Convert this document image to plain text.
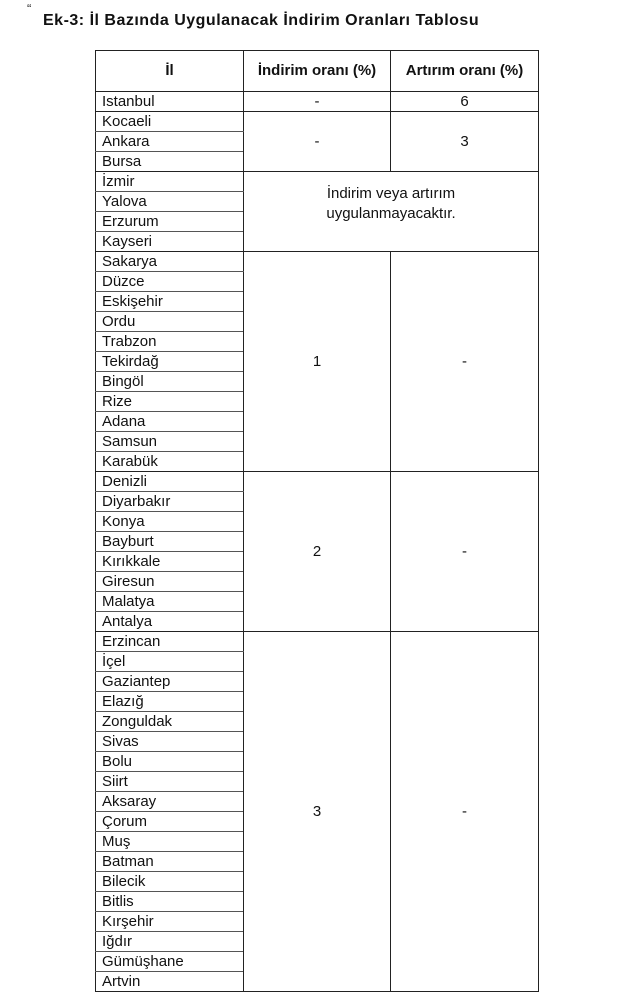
“
Ek-3: İl Bazında Uygulanacak İndirim Oranları Tablosu
İl	İndirim oranı (%)	Artırım oranı (%)
Istanbul	-	6
Kocaeli	-	3
Ankara		
Bursa		
İzmir	İndirim veya artırım uygulanmayacaktır.	
Yalova		
Erzurum		
Kayseri		
Sakarya	1	-
Düzce		
Eskişehir		
Ordu		
Trabzon		
Tekirdağ		
Bingöl		
Rize		
Adana		
Samsun		
Karabük		
Denizli	2	-
Diyarbakır		
Konya		
Bayburt		
Kırıkkale		
Giresun		
Malatya		
Antalya		
Erzincan	3	-
İçel		
Gaziantep		
Elazığ		
Zonguldak		
Sivas		
Bolu		
Siirt		
Aksaray		
Çorum		
Muş		
Batman		
Bilecik		
Bitlis		
Kırşehir		
Iğdır		
Gümüşhane		
Artvin		
